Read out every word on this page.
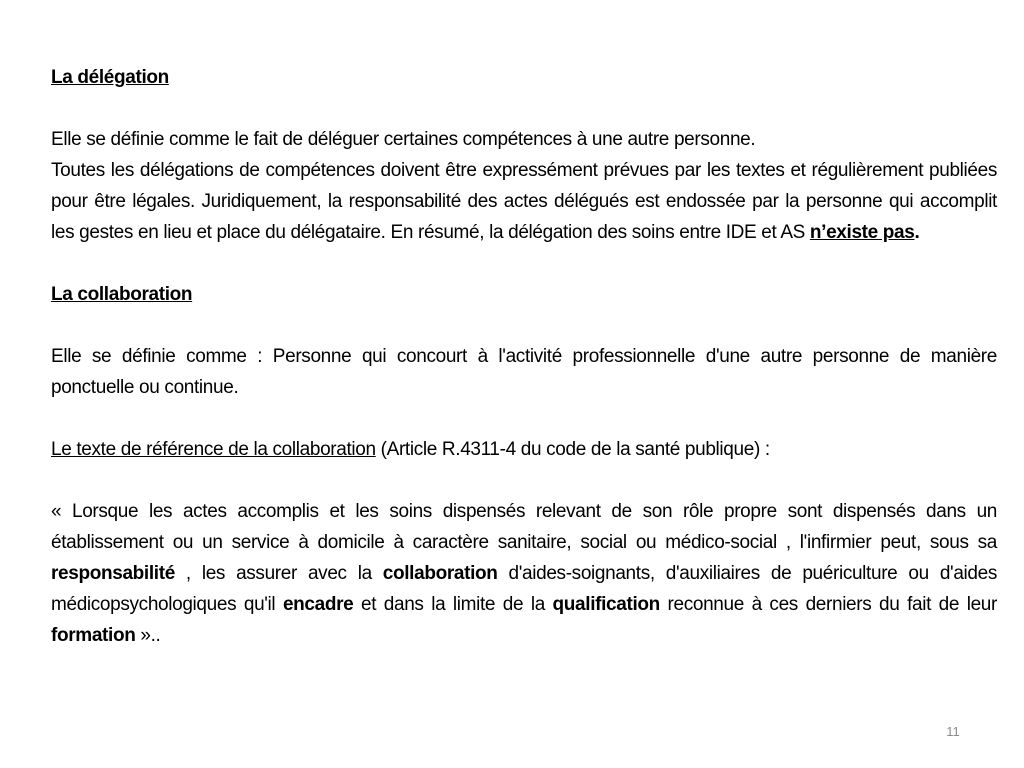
La délégation

Elle se définie comme le fait de déléguer certaines compétences à une autre personne.

Toutes les délégations de compétences doivent être expressément prévues par les textes et régulièrement publiées pour être légales. Juridiquement, la responsabilité des actes délégués est endossée par la personne qui accomplit les gestes en lieu et place du délégataire. En résumé, la délégation des soins entre IDE et AS n’existe pas.

La collaboration

Elle se définie comme : Personne qui concourt à l'activité professionnelle d'une autre personne de manière ponctuelle ou continue.

Le texte de référence de la collaboration (Article R.4311-4 du code de la santé publique) :

« Lorsque les actes accomplis et les soins dispensés relevant de son rôle propre sont dispensés dans un établissement ou un service à domicile à caractère sanitaire, social ou médico-social , l'infirmier peut, sous sa responsabilité , les assurer avec la collaboration d'aides-soignants, d'auxiliaires de puériculture ou d'aides médicopsychologiques qu'il encadre et dans la limite de la qualification reconnue à ces derniers du fait de leur formation »..

11
